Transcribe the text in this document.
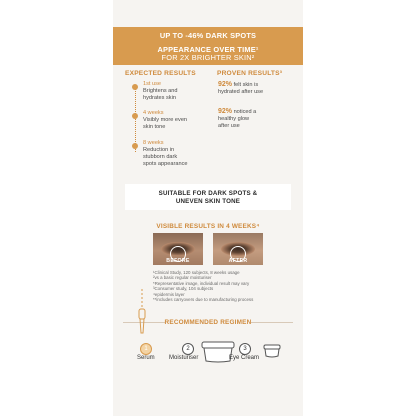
UP TO -46% DARK SPOTS
APPEARANCE OVER TIME¹
FOR 2X BRIGHTER SKIN²
EXPECTED RESULTS	PROVEN RESULTS³
1st use
Brightens and
hydrates skin
4 weeks
Visibly more even
skin tone
8 weeks
Reduction in
stubborn dark
spots appearance
92% felt skin is
hydrated after use
92% noticed a
healthy glow
after use
SUITABLE FOR DARK SPOTS &
UNEVEN SKIN TONE
VISIBLE RESULTS IN 4 WEEKS⁴
BEFORE	AFTER
¹Clinical Study, 120 subjects, 8 weeks usage
²vs a basic regular moisturiser
*Representative image, individual result may vary
³Consumer study, 104 subjects
⁴epidermis layer
**includes carryovers due to manufacturing process
RECOMMENDED REGIMEN
1	2	3
Serum Moisturiser	Eye Cream
